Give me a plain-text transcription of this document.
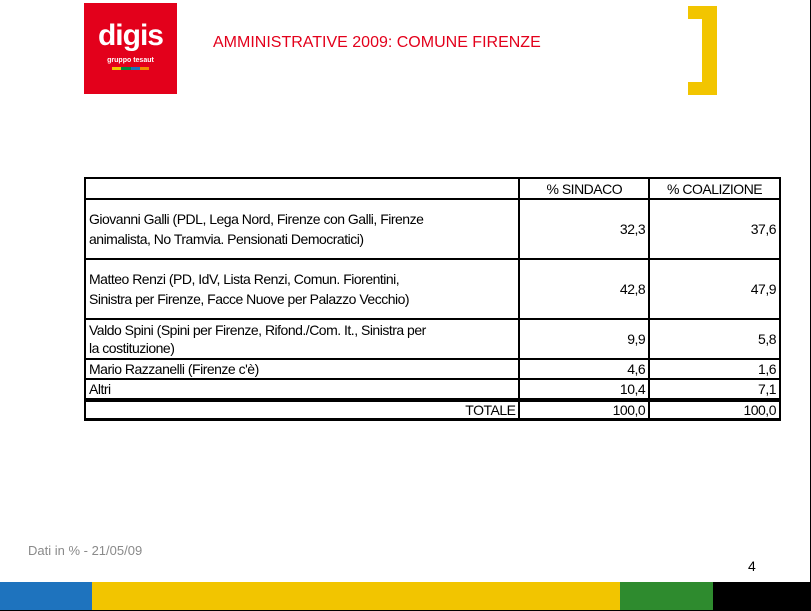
digis
gruppo tesaut
AMMINISTRATIVE 2009: COMUNE FIRENZE
	% SINDACO	% COALIZIONE
Giovanni Galli (PDL, Lega Nord, Firenze con Galli, Firenze
animalista, No Tramvia. Pensionati Democratici)	32,3	37,6
Matteo Renzi (PD, IdV, Lista Renzi, Comun. Fiorentini,
Sinistra per Firenze, Facce Nuove per Palazzo Vecchio)	42,8	47,9
Valdo Spini (Spini per Firenze, Rifond./Com. It., Sinistra per
la costituzione)	9,9	5,8
Mario Razzanelli (Firenze c'è)	4,6	1,6
Altri	10,4	7,1
TOTALE	100,0	100,0
Dati in % - 21/05/09
4
